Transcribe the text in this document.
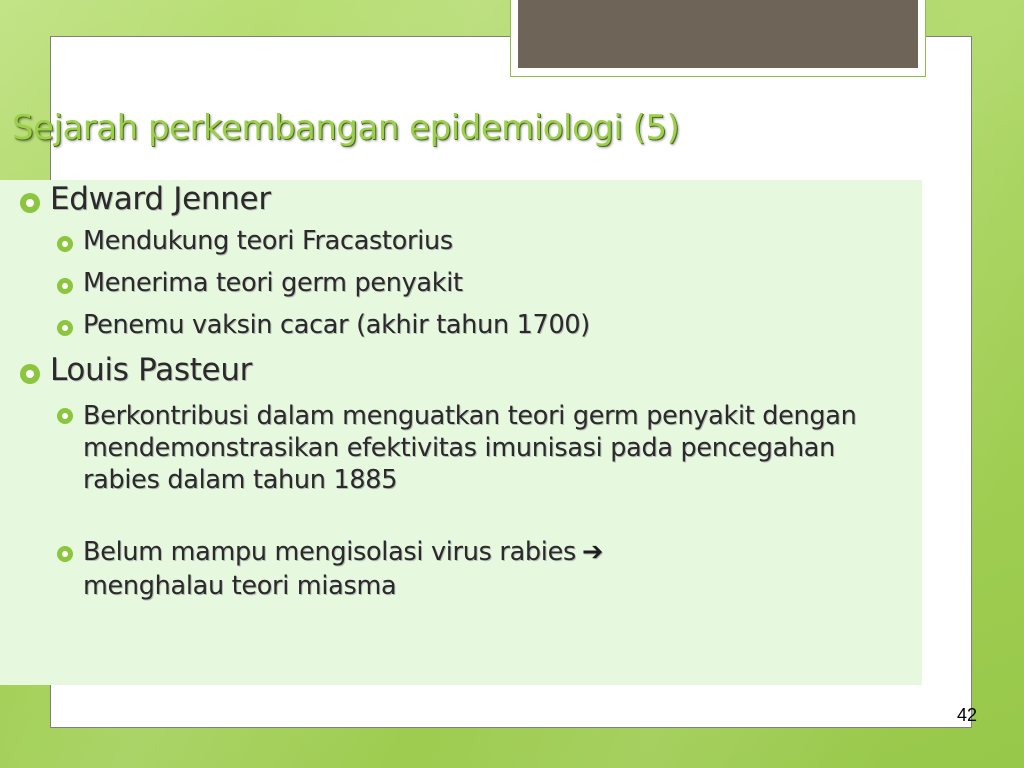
Sejarah perkembangan epidemiologi (5)
Edward Jenner
Mendukung teori Fracastorius
Menerima teori germ penyakit
Penemu vaksin cacar (akhir tahun 1700)
Louis Pasteur
Berkontribusi dalam menguatkan teori germ penyakit dengan mendemonstrasikan efektivitas imunisasi pada pencegahan rabies dalam tahun 1885
Belum mampu mengisolasi virus rabies ➔
menghalau teori miasma
42
